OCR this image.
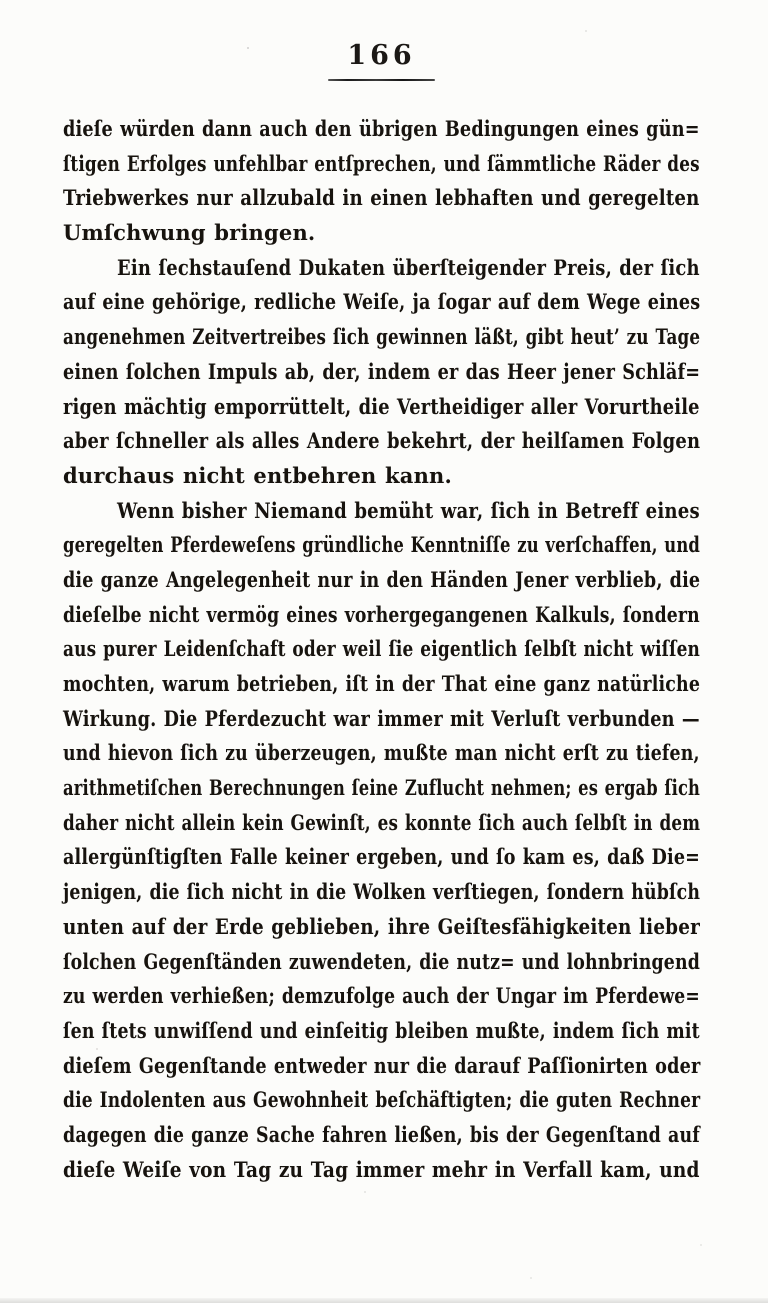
166
dieſe würden dann auch den übrigen Bedingungen eines gün=
ſtigen Erfolges unfehlbar entſprechen, und ſämmtliche Räder des
Triebwerkes nur allzubald in einen lebhaften und geregelten
Umſchwung bringen.
Ein ſechstauſend Dukaten überſteigender Preis, der ſich
auf eine gehörige, redliche Weiſe, ja ſogar auf dem Wege eines
angenehmen Zeitvertreibes ſich gewinnen läßt, gibt heut’ zu Tage
einen ſolchen Impuls ab, der, indem er das Heer jener Schläf=
rigen mächtig emporrüttelt, die Vertheidiger aller Vorurtheile
aber ſchneller als alles Andere bekehrt, der heilſamen Folgen
durchaus nicht entbehren kann.
Wenn bisher Niemand bemüht war, ſich in Betreff eines
geregelten Pferdeweſens gründliche Kenntniſſe zu verſchaffen, und
die ganze Angelegenheit nur in den Händen Jener verblieb, die
dieſelbe nicht vermög eines vorhergegangenen Kalkuls, ſondern
aus purer Leidenſchaft oder weil ſie eigentlich ſelbſt nicht wiſſen
mochten, warum betrieben, iſt in der That eine ganz natürliche
Wirkung. Die Pferdezucht war immer mit Verluſt verbunden —
und hievon ſich zu überzeugen, mußte man nicht erſt zu tiefen,
arithmetiſchen Berechnungen ſeine Zuflucht nehmen; es ergab ſich
daher nicht allein kein Gewinſt, es konnte ſich auch ſelbſt in dem
allergünſtigſten Falle keiner ergeben, und ſo kam es, daß Die=
jenigen, die ſich nicht in die Wolken verſtiegen, ſondern hübſch
unten auf der Erde geblieben, ihre Geiſtesfähigkeiten lieber
ſolchen Gegenſtänden zuwendeten, die nutz= und lohnbringend
zu werden verhießen; demzufolge auch der Ungar im Pferdewe=
ſen ſtets unwiſſend und einſeitig bleiben mußte, indem ſich mit
dieſem Gegenſtande entweder nur die darauf Paſſionirten oder
die Indolenten aus Gewohnheit beſchäftigten; die guten Rechner
dagegen die ganze Sache fahren ließen, bis der Gegenſtand auf
dieſe Weiſe von Tag zu Tag immer mehr in Verfall kam, und
